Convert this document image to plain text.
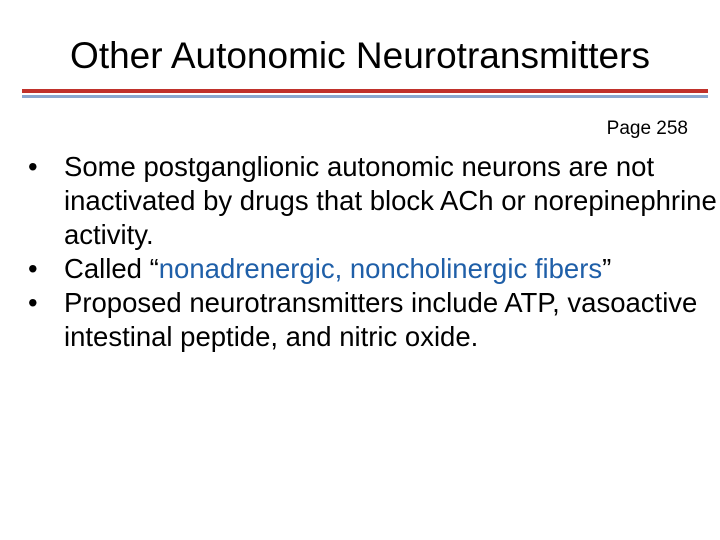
Other Autonomic Neurotransmitters
Page 258
• Some postganglionic autonomic neurons are not inactivated by drugs that block ACh or norepinephrine activity.
• Called “nonadrenergic, noncholinergic fibers”
• Proposed neurotransmitters include ATP, vasoactive intestinal peptide, and nitric oxide.
